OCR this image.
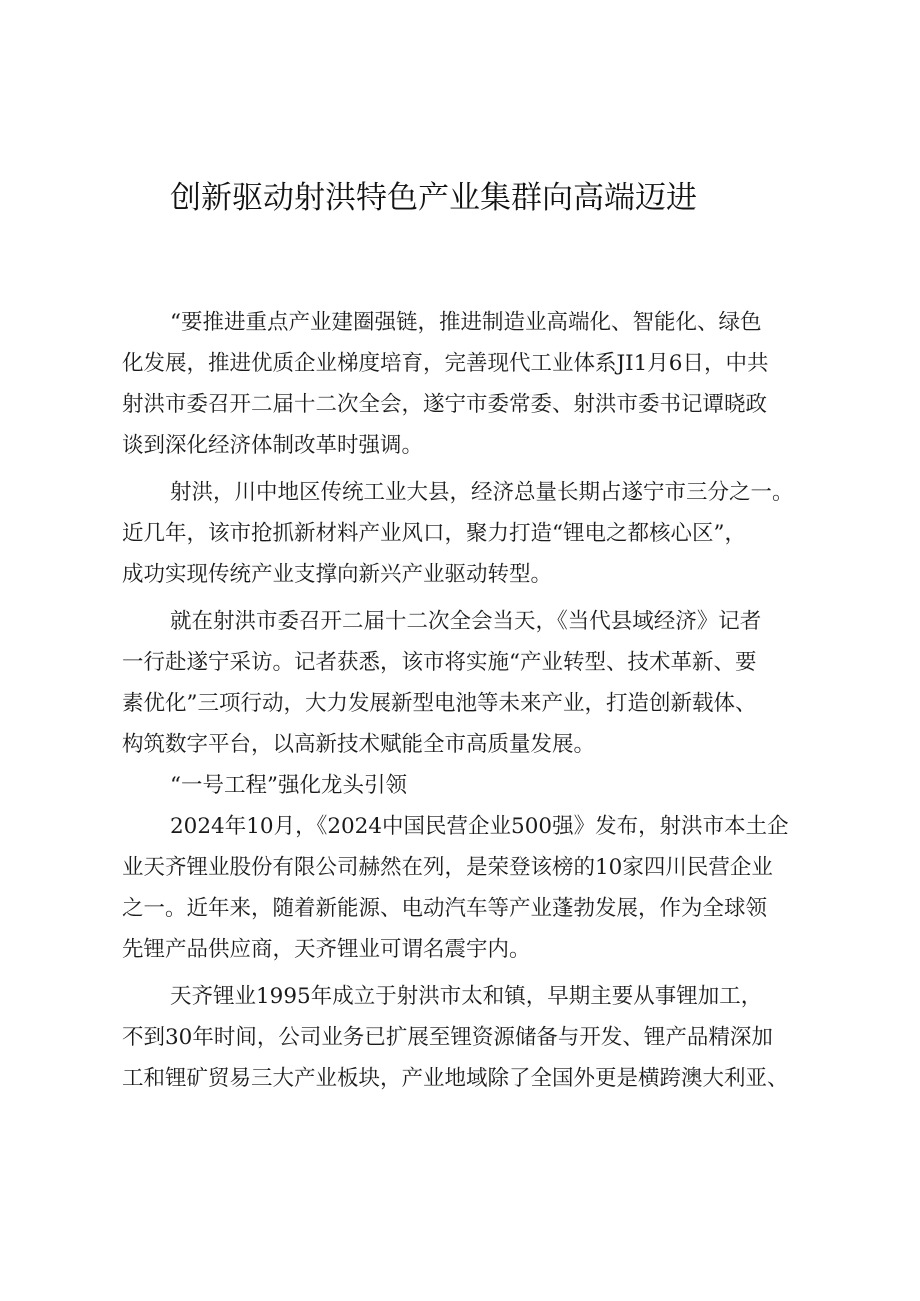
创新驱动射洪特色产业集群向高端迈进
“要推进重点产业建圈强链，推进制造业高端化、智能化、绿色
化发展，推进优质企业梯度培育，完善现代工业体系JI1月6日，中共
射洪市委召开二届十二次全会，遂宁市委常委、射洪市委书记谭晓政
谈到深化经济体制改革时强调。
射洪，川中地区传统工业大县，经济总量长期占遂宁市三分之一。
近几年，该市抢抓新材料产业风口，聚力打造“锂电之都核心区”，
成功实现传统产业支撑向新兴产业驱动转型。
就在射洪市委召开二届十二次全会当天，《当代县域经济》记者
一行赴遂宁采访。记者获悉，该市将实施“产业转型、技术革新、要
素优化”三项行动，大力发展新型电池等未来产业，打造创新载体、
构筑数字平台，以高新技术赋能全市高质量发展。
“一号工程”强化龙头引领
2024年10月，《2024中国民营企业500强》发布，射洪市本土企
业天齐锂业股份有限公司赫然在列，是荣登该榜的10家四川民营企业
之一。近年来，随着新能源、电动汽车等产业蓬勃发展，作为全球领
先锂产品供应商，天齐锂业可谓名震宇内。
天齐锂业1995年成立于射洪市太和镇，早期主要从事锂加工，
不到30年时间，公司业务已扩展至锂资源储备与开发、锂产品精深加
工和锂矿贸易三大产业板块，产业地域除了全国外更是横跨澳大利亚、
